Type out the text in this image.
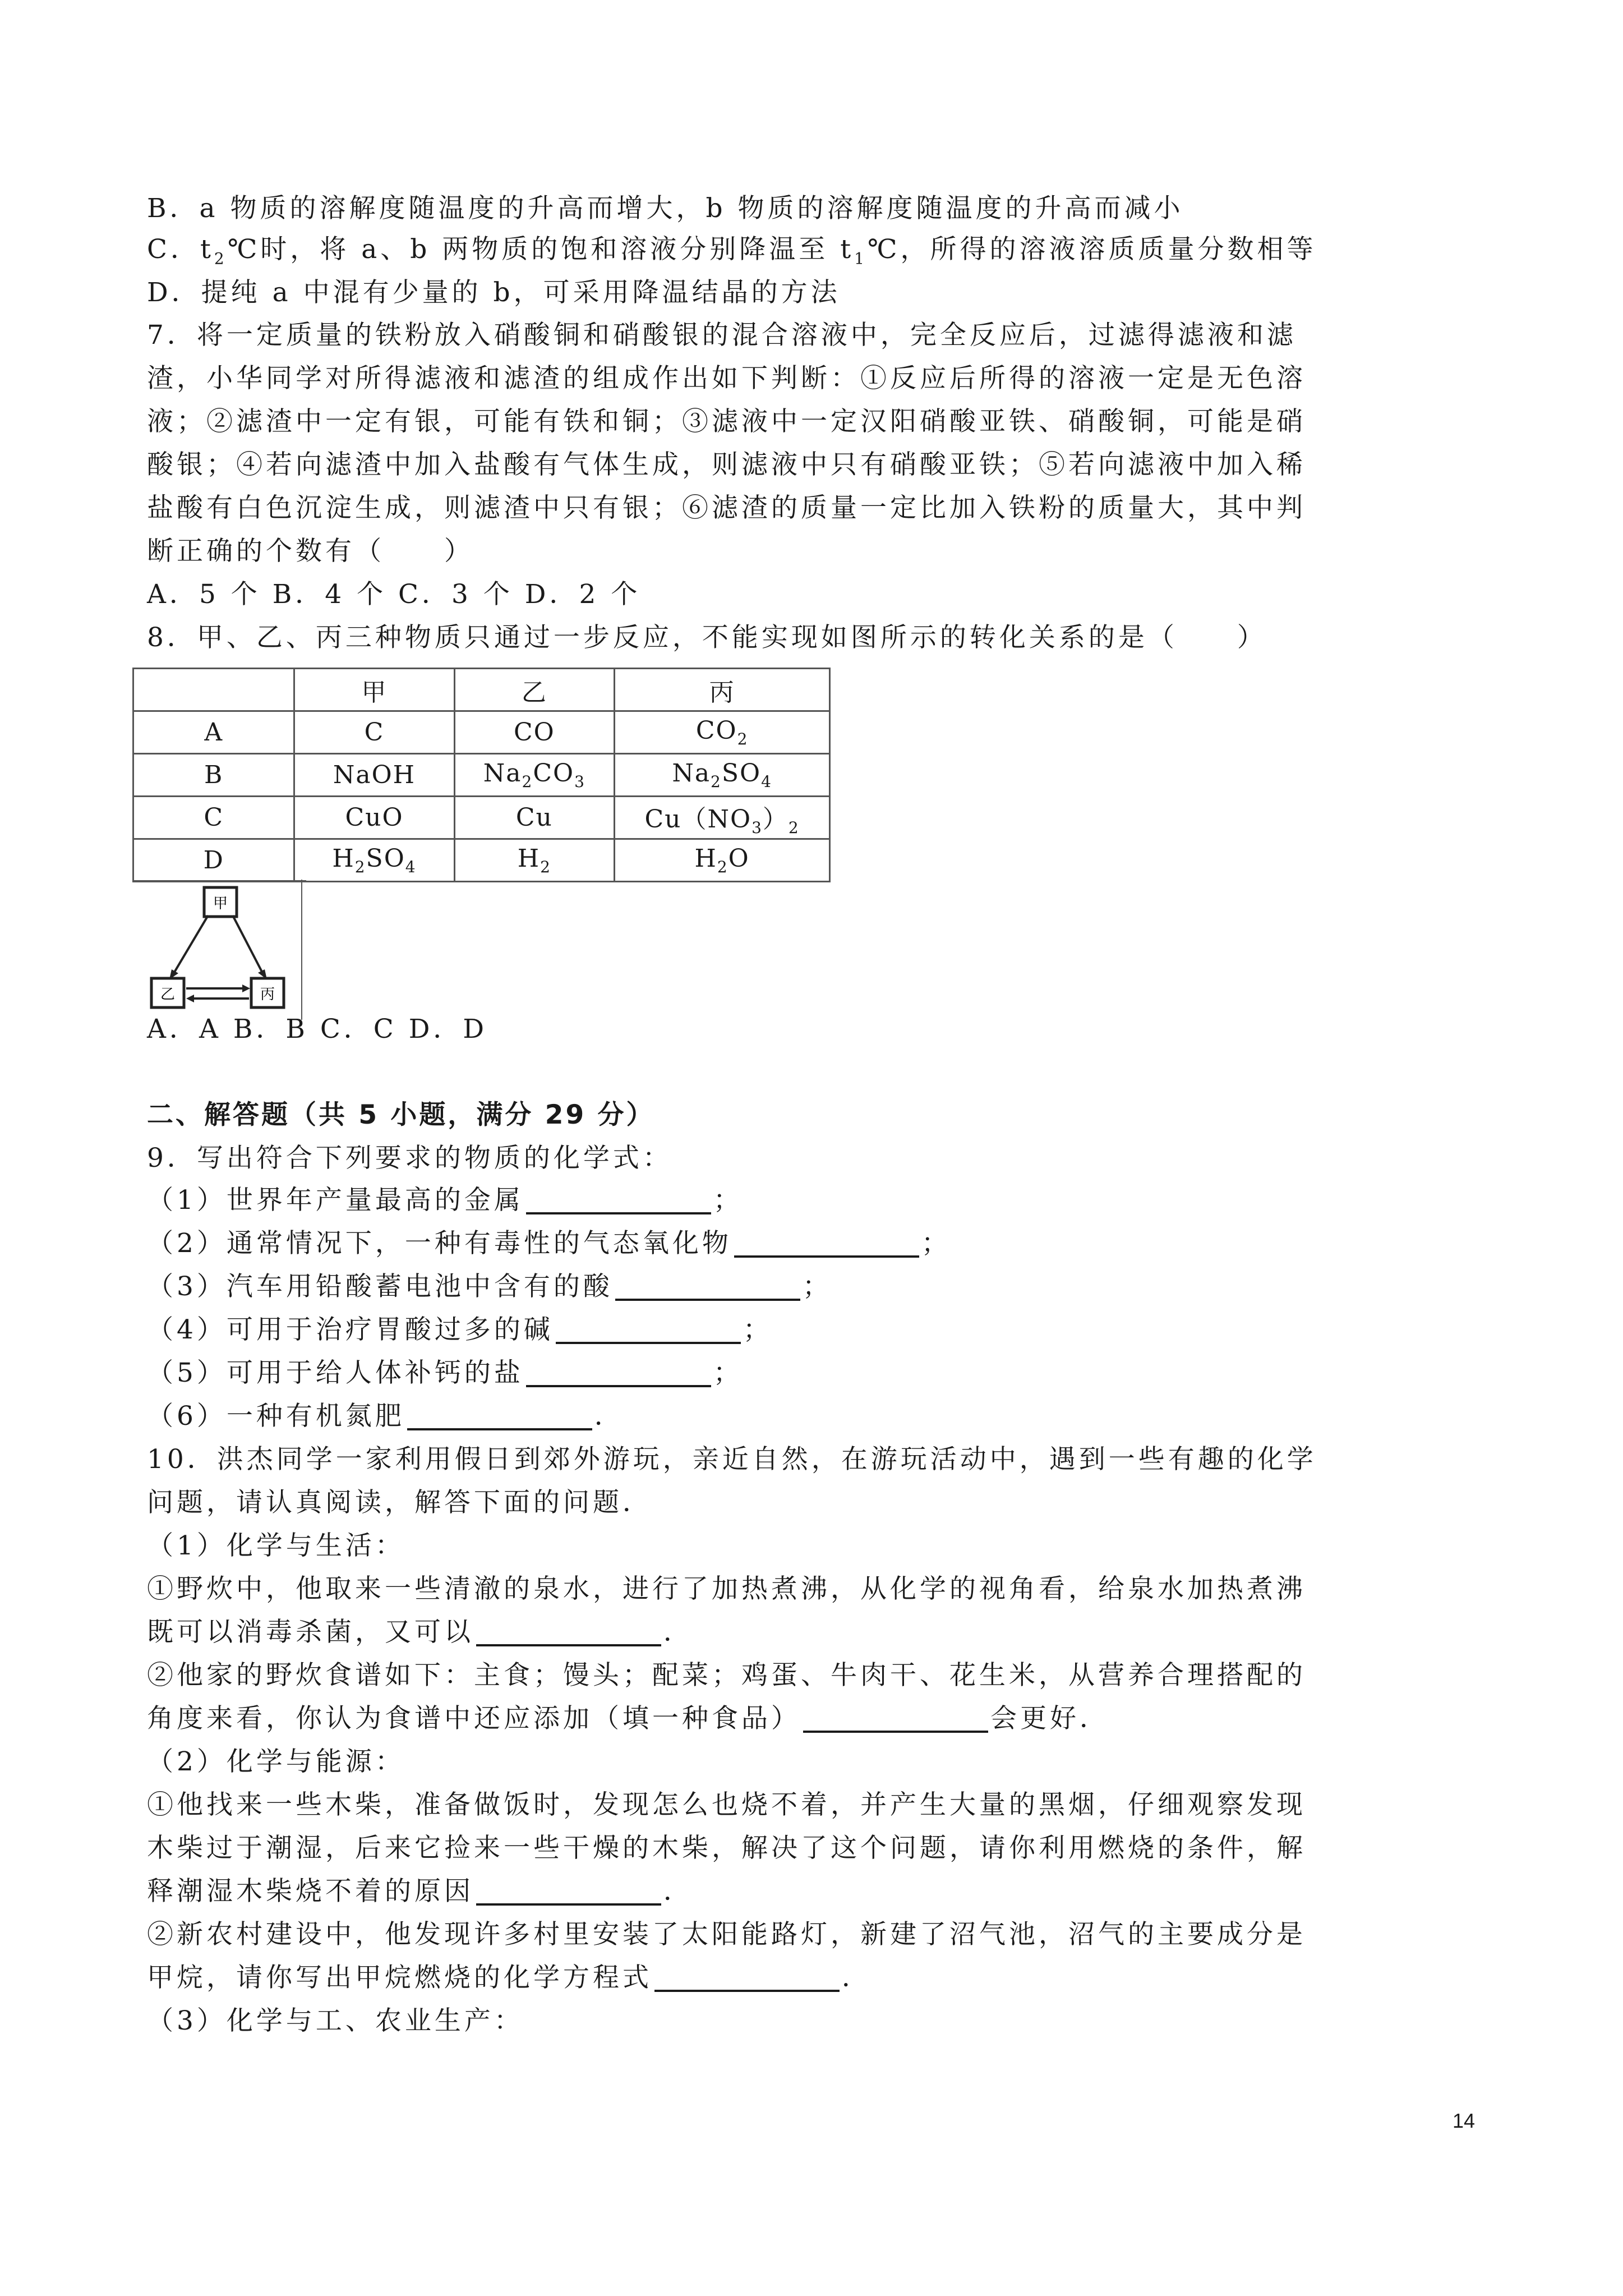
B．a 物质的溶解度随温度的升高而增大，b 物质的溶解度随温度的升高而减小
C．$t_2℃$时，将 a、b 两物质的饱和溶液分别降温至 $t_1℃$，所得的溶液溶质质量分数相等
D．提纯 a 中混有少量的 b，可采用降温结晶的方法
7．将一定质量的铁粉放入硝酸铜和硝酸银的混合溶液中，完全反应后，过滤得滤液和滤
渣，小华同学对所得滤液和滤渣的组成作出如下判断：①反应后所得的溶液一定是无色溶
液；②滤渣中一定有银，可能有铁和铜；③滤液中一定汉阳硝酸亚铁、硝酸铜，可能是硝
酸银；④若向滤渣中加入盐酸有气体生成，则滤液中只有硝酸亚铁；⑤若向滤液中加入稀
盐酸有白色沉淀生成，则滤渣中只有银；⑥滤渣的质量一定比加入铁粉的质量大，其中判
断正确的个数有（　　）
A．5 个 B．4 个 C．3 个 D．2 个
8．甲、乙、丙三种物质只通过一步反应，不能实现如图所示的转化关系的是（　　）
	甲	乙	丙
A	C	CO	$CO_2$
B	NaOH	$Na_2CO_3$	$Na_2SO_4$
C	CuO	Cu	$Cu(NO_3)_2$
D	$H_2SO_4$	$H_2$	$H_2O$
甲
乙	丙
A．A B．B C．C D．D
二、解答题（共 5 小题，满分 29 分）
9．写出符合下列要求的物质的化学式：
（1）世界年产量最高的金属	；
（2）通常情况下，一种有毒性的气态氧化物	；
（3）汽车用铅酸蓄电池中含有的酸	；
（4）可用于治疗胃酸过多的碱	；
（5）可用于给人体补钙的盐	；
（6）一种有机氮肥	．
10．洪杰同学一家利用假日到郊外游玩，亲近自然，在游玩活动中，遇到一些有趣的化学
问题，请认真阅读，解答下面的问题．
（1）化学与生活：
①野炊中，他取来一些清澈的泉水，进行了加热煮沸，从化学的视角看，给泉水加热煮沸
既可以消毒杀菌，又可以	．
②他家的野炊食谱如下：主食；馒头；配菜；鸡蛋、牛肉干、花生米，从营养合理搭配的
角度来看，你认为食谱中还应添加（填一种食品）	会更好．
（2）化学与能源：
①他找来一些木柴，准备做饭时，发现怎么也烧不着，并产生大量的黑烟，仔细观察发现
木柴过于潮湿，后来它捡来一些干燥的木柴，解决了这个问题，请你利用燃烧的条件，解
释潮湿木柴烧不着的原因	．
②新农村建设中，他发现许多村里安装了太阳能路灯，新建了沼气池，沼气的主要成分是
甲烷，请你写出甲烷燃烧的化学方程式	．
（3）化学与工、农业生产：
14
